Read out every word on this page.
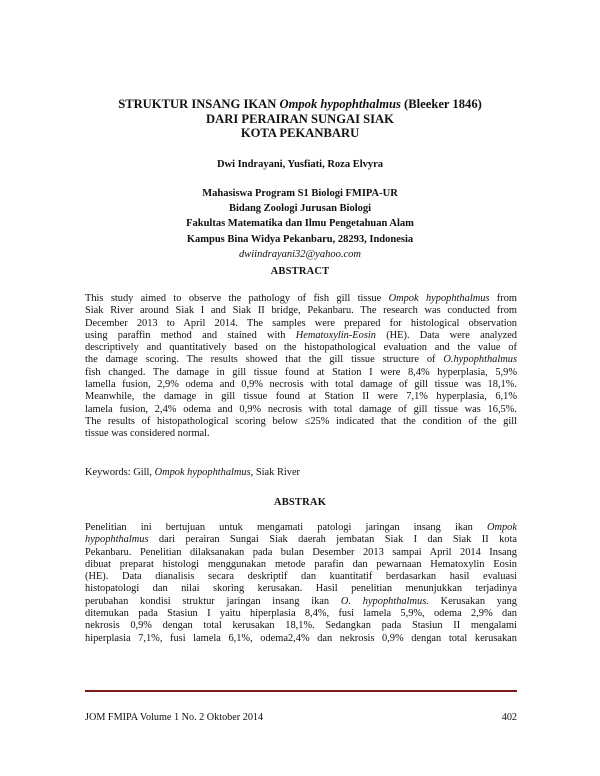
STRUKTUR INSANG IKAN Ompok hypophthalmus (Bleeker 1846)
DARI PERAIRAN SUNGAI SIAK
KOTA PEKANBARU
Dwi Indrayani, Yusfiati, Roza Elvyra
Mahasiswa Program S1 Biologi FMIPA-UR
Bidang Zoologi Jurusan Biologi
Fakultas Matematika dan Ilmu Pengetahuan Alam
Kampus Bina Widya Pekanbaru, 28293, Indonesia
dwiindrayani32@yahoo.com
ABSTRACT
This study aimed to observe the pathology of fish gill tissue Ompok hypophthalmus from
Siak River around Siak I and Siak II bridge, Pekanbaru. The research was conducted from
December 2013 to April 2014. The samples were prepared for histological observation
using paraffin method and stained with Hematoxylin-Eosin (HE). Data were analyzed
descriptively and quantitatively based on the histopathological evaluation and the value of
the damage scoring. The results showed that the gill tissue structure of O.hypophthalmus
fish changed. The damage in gill tissue found at Station I were 8,4% hyperplasia, 5,9%
lamella fusion, 2,9% odema and 0,9% necrosis with total damage of gill tissue was 18,1%.
Meanwhile, the damage in gill tissue found at Station II were 7,1% hyperplasia, 6,1%
lamela fusion, 2,4% odema and 0,9% necrosis with total damage of gill tissue was 16,5%.
The results of histopathological scoring below ≤25% indicated that the condition of the gill
tissue was considered normal.
Keywords: Gill, Ompok hypophthalmus, Siak River
ABSTRAK
Penelitian ini bertujuan untuk mengamati patologi jaringan insang ikan Ompok
hypophthalmus dari perairan Sungai Siak daerah jembatan Siak I dan Siak II kota
Pekanbaru. Penelitian dilaksanakan pada bulan Desember 2013 sampai April 2014 Insang
dibuat preparat histologi menggunakan metode parafin dan pewarnaan Hematoxylin Eosin
(HE). Data dianalisis secara deskriptif dan kuantitatif berdasarkan hasil evaluasi
histopatologi dan nilai skoring kerusakan. Hasil penelitian menunjukkan terjadinya
perubahan kondisi struktur jaringan insang ikan O. hypophthalmus. Kerusakan yang
ditemukan pada Stasiun I yaitu hiperplasia 8,4%, fusi lamela 5,9%, odema 2,9% dan
nekrosis 0,9% dengan total kerusakan 18,1%. Sedangkan pada Stasiun II mengalami
hiperplasia 7,1%, fusi lamela 6,1%, odema2,4% dan nekrosis 0,9% dengan total kerusakan
JOM FMIPA Volume 1 No. 2 Oktober 2014	402
